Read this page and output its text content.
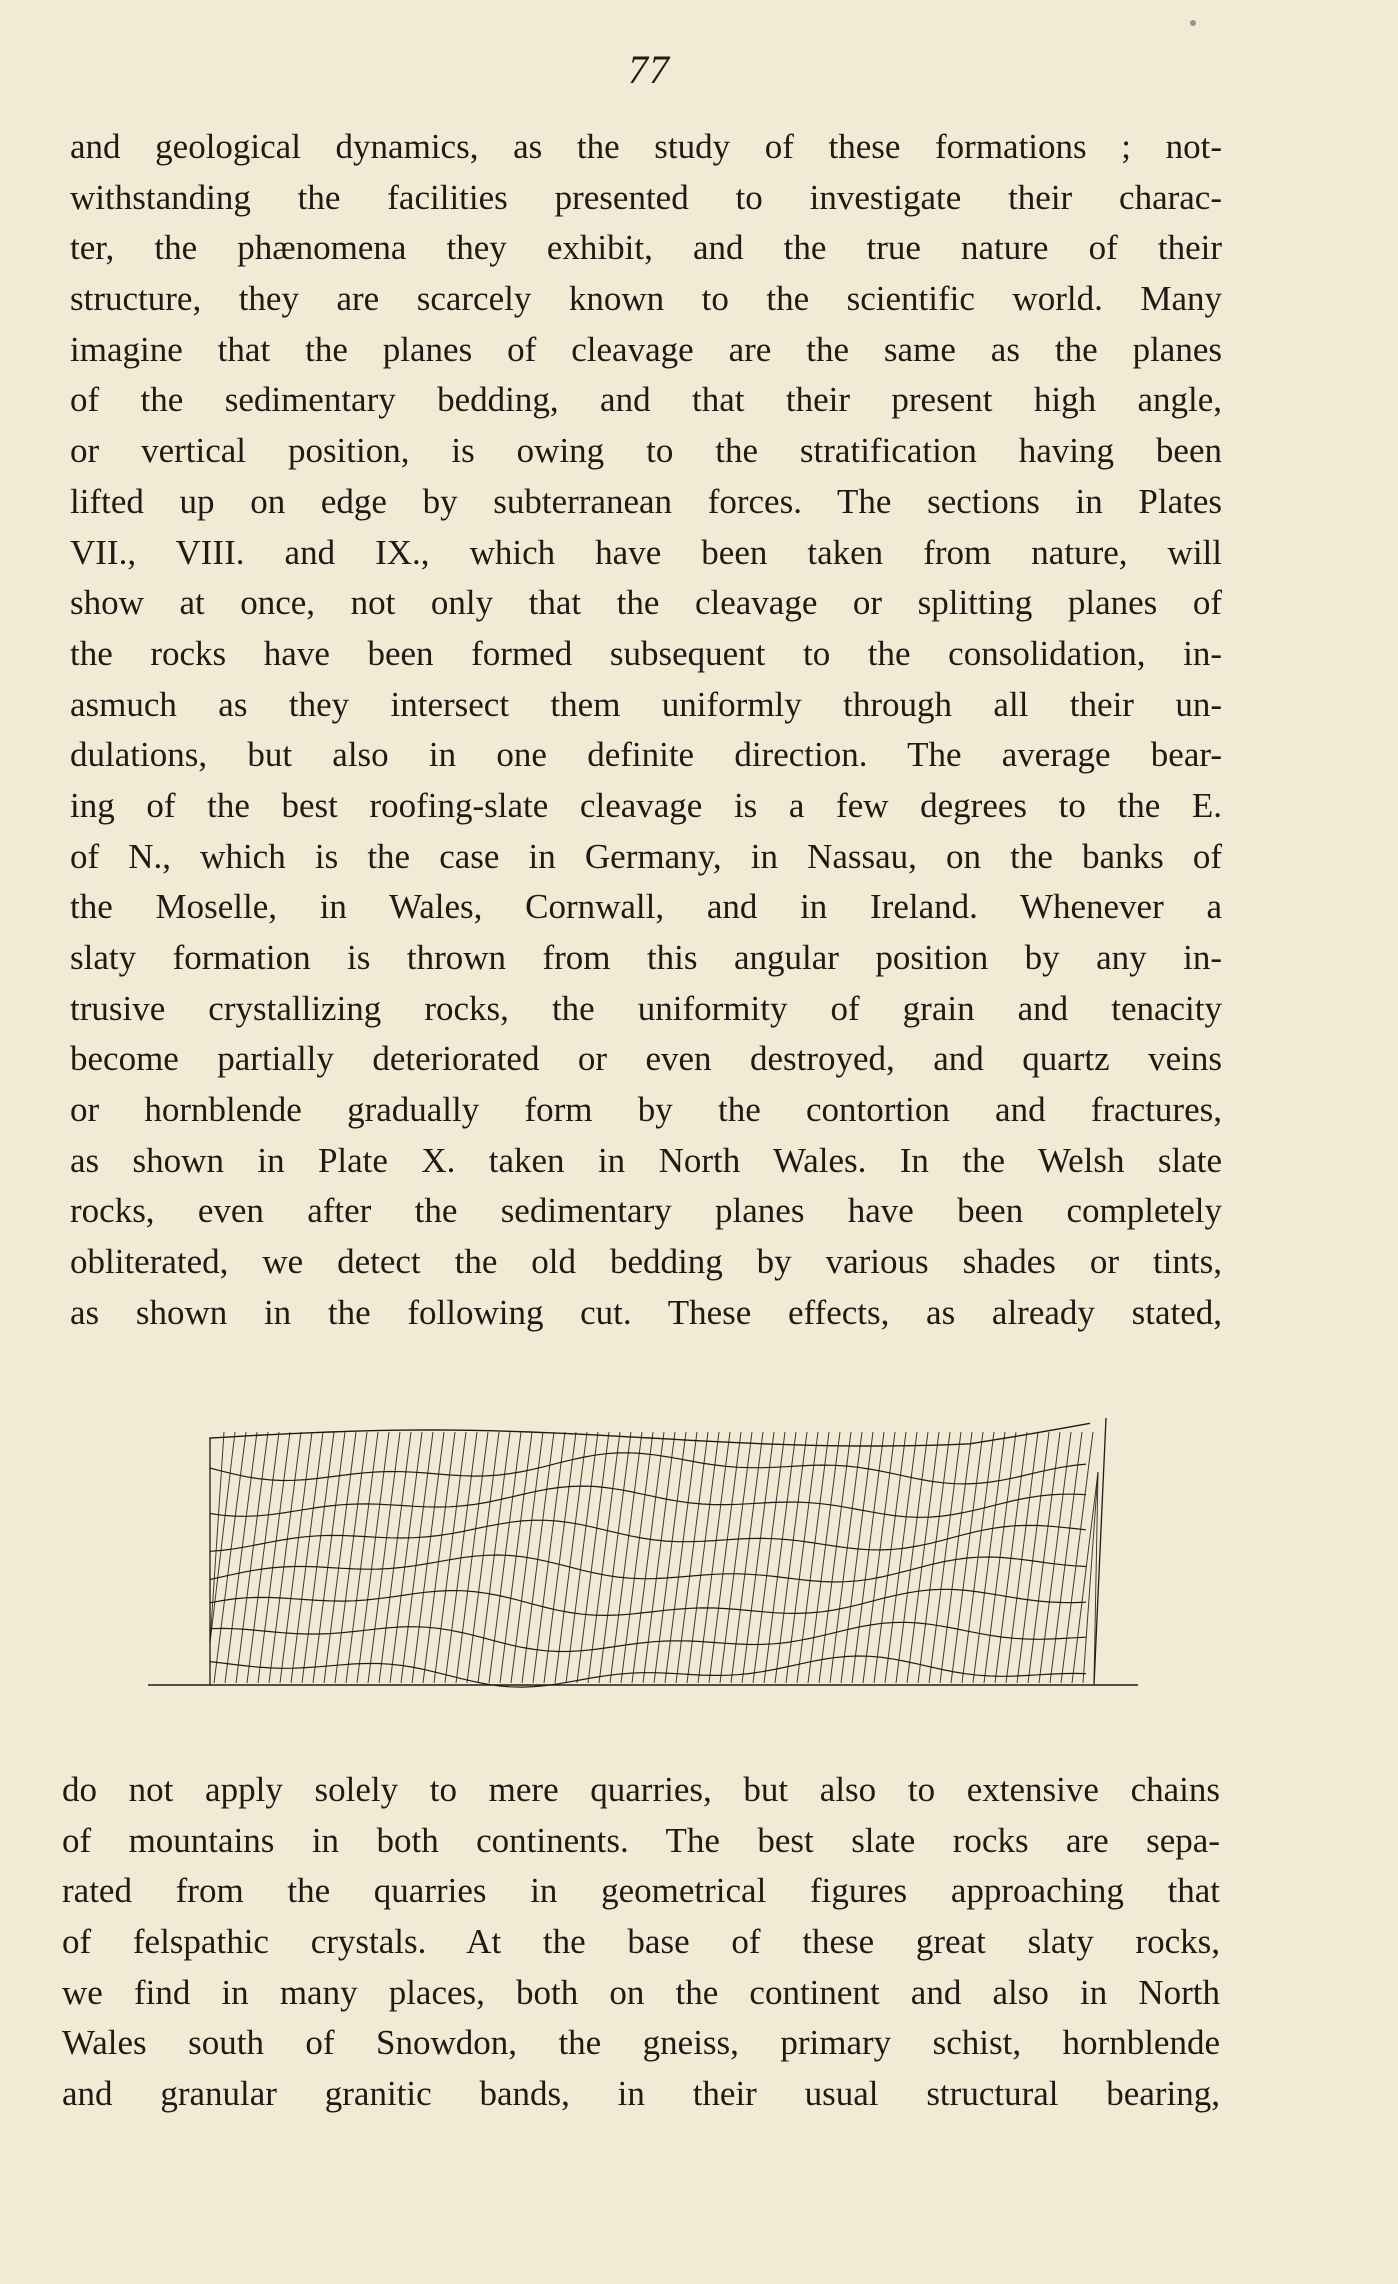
77
and geological dynamics, as the study of these formations ; not-
withstanding the facilities presented to investigate their charac-
ter, the phænomena they exhibit, and the true nature of their
structure, they are scarcely known to the scientific world. Many
imagine that the planes of cleavage are the same as the planes
of the sedimentary bedding, and that their present high angle,
or vertical position, is owing to the stratification having been
lifted up on edge by subterranean forces. The sections in Plates
VII., VIII. and IX., which have been taken from nature, will
show at once, not only that the cleavage or splitting planes of
the rocks have been formed subsequent to the consolidation, in-
asmuch as they intersect them uniformly through all their un-
dulations, but also in one definite direction. The average bear-
ing of the best roofing-slate cleavage is a few degrees to the E.
of N., which is the case in Germany, in Nassau, on the banks of
the Moselle, in Wales, Cornwall, and in Ireland. Whenever a
slaty formation is thrown from this angular position by any in-
trusive crystallizing rocks, the uniformity of grain and tenacity
become partially deteriorated or even destroyed, and quartz veins
or hornblende gradually form by the contortion and fractures,
as shown in Plate X. taken in North Wales. In the Welsh slate
rocks, even after the sedimentary planes have been completely
obliterated, we detect the old bedding by various shades or tints,
as shown in the following cut. These effects, as already stated,
do not apply solely to mere quarries, but also to extensive chains
of mountains in both continents. The best slate rocks are sepa-
rated from the quarries in geometrical figures approaching that
of felspathic crystals. At the base of these great slaty rocks,
we find in many places, both on the continent and also in North
Wales south of Snowdon, the gneiss, primary schist, hornblende
and granular granitic bands, in their usual structural bearing,
